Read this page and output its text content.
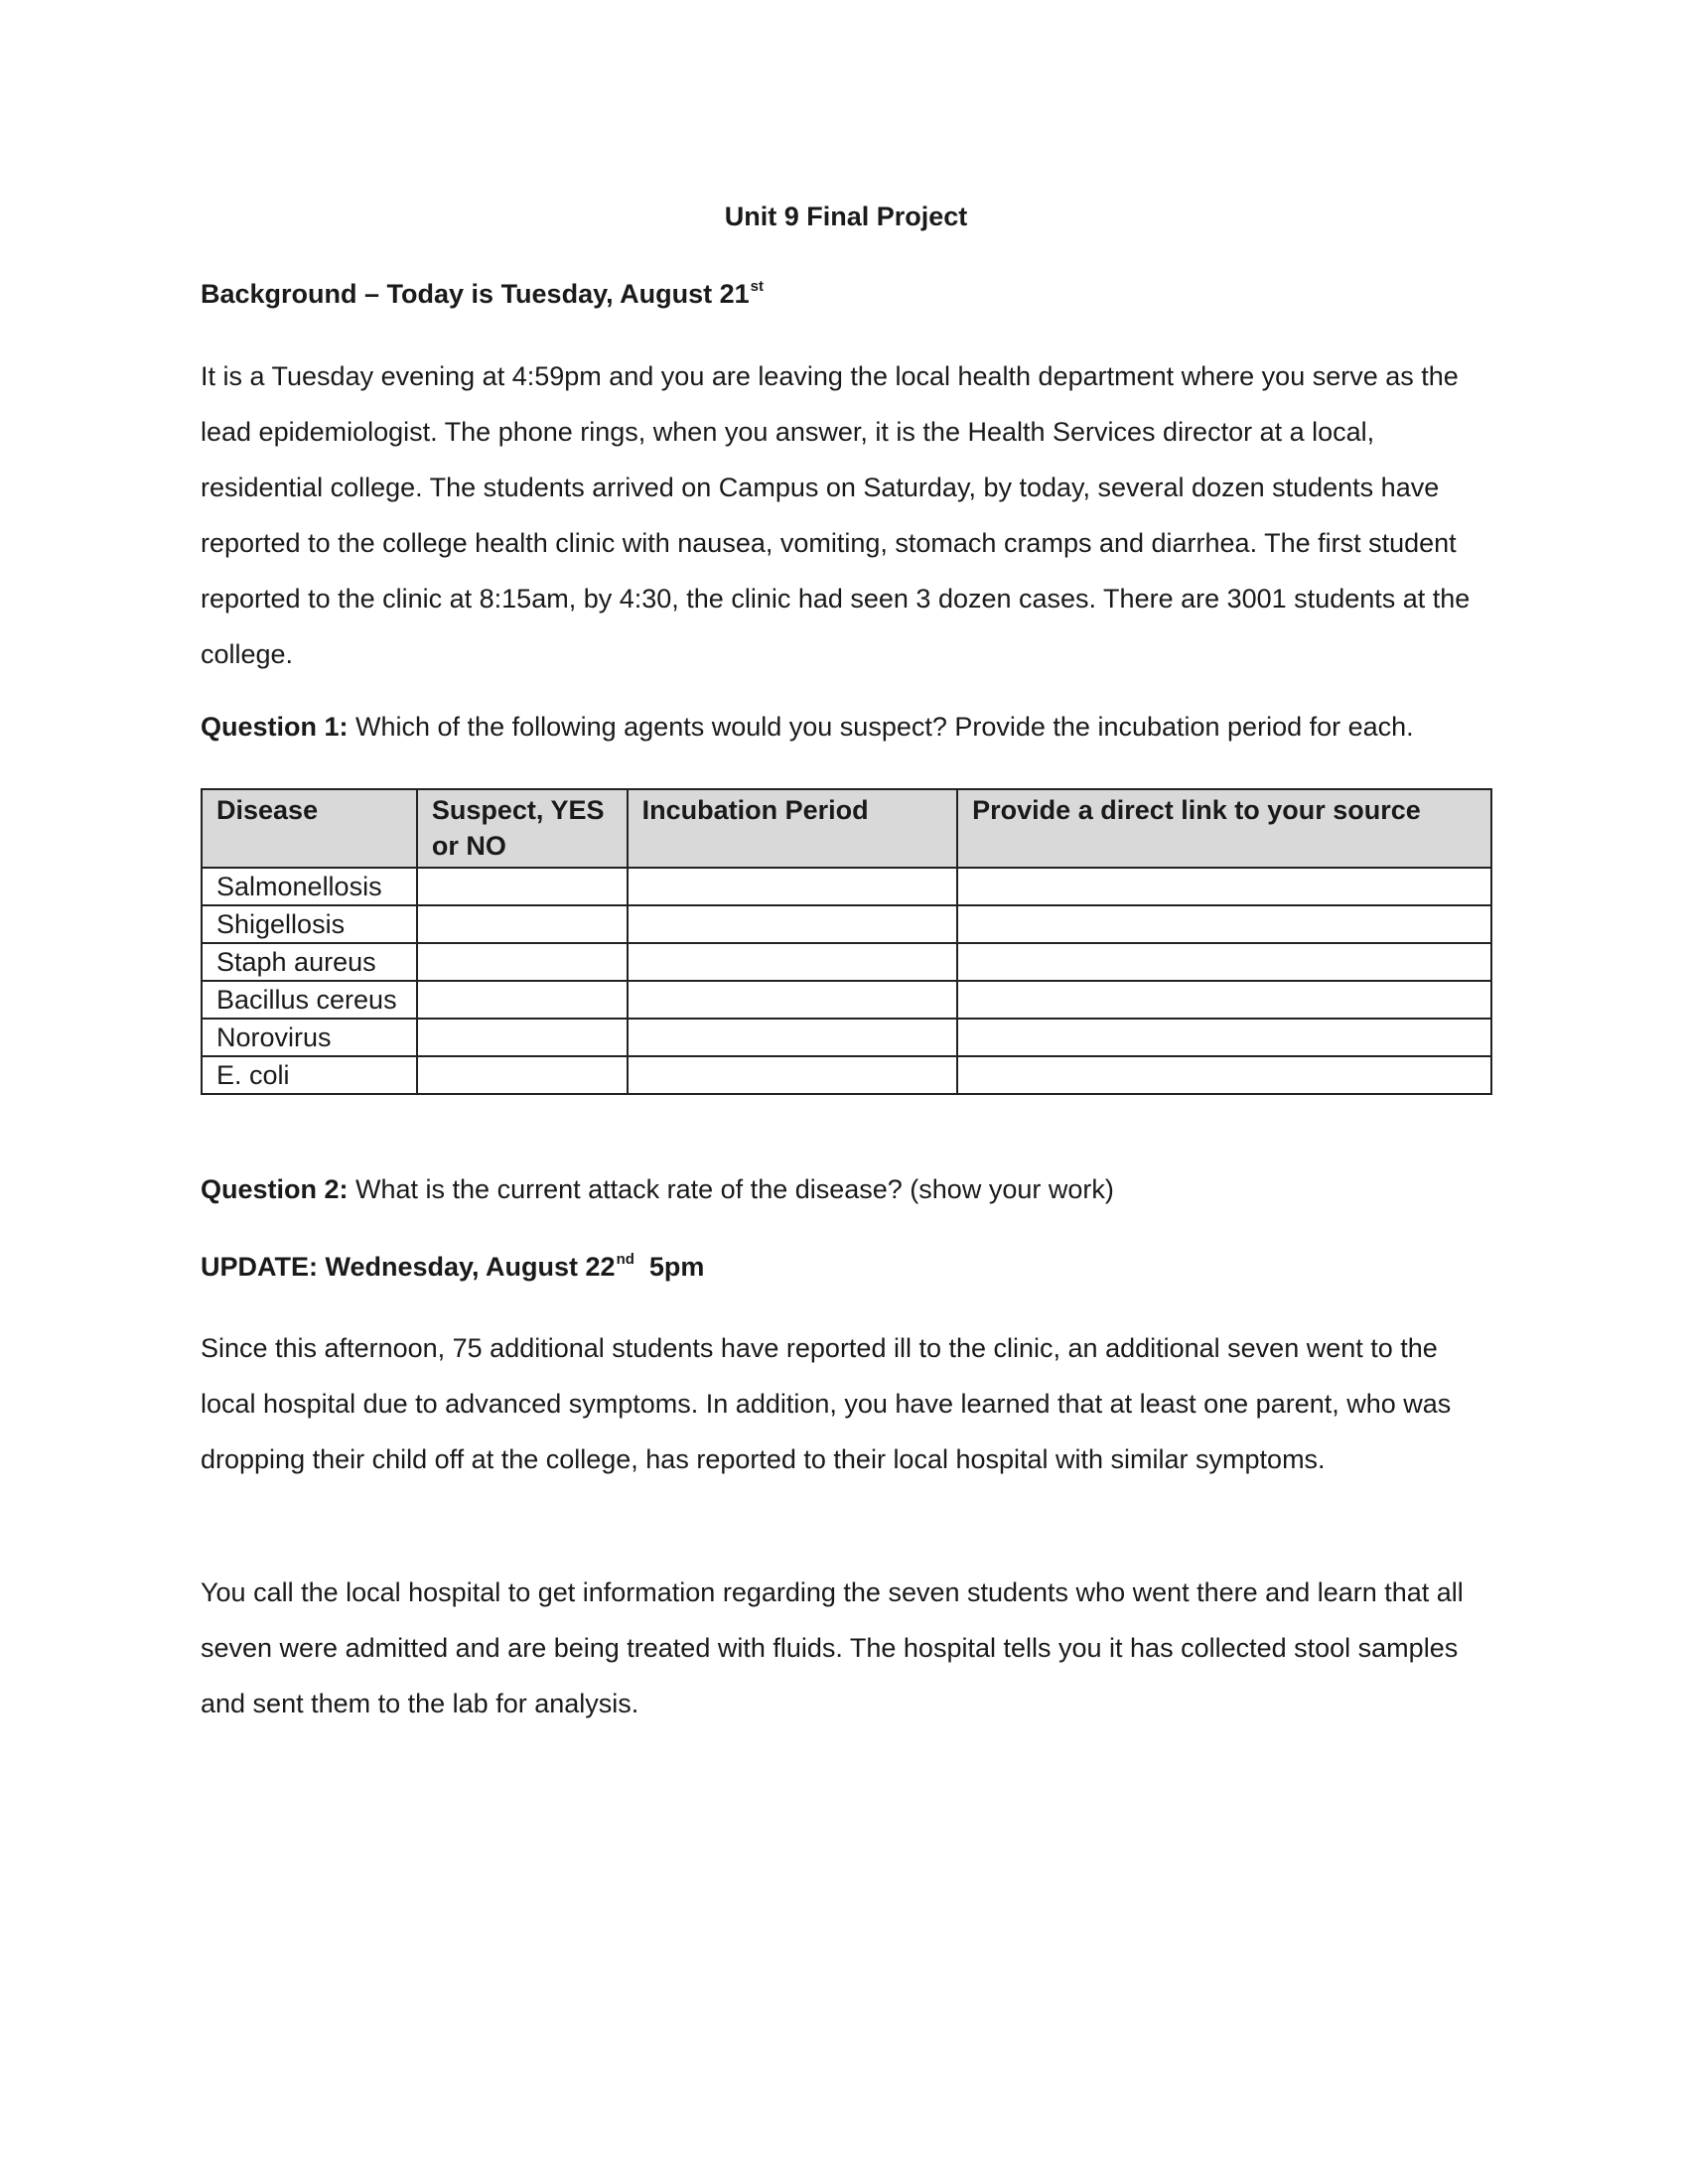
Unit 9 Final Project

Background – Today is Tuesday, August 21st

It is a Tuesday evening at 4:59pm and you are leaving the local health department where you serve as the lead epidemiologist. The phone rings, when you answer, it is the Health Services director at a local, residential college. The students arrived on Campus on Saturday, by today, several dozen students have reported to the college health clinic with nausea, vomiting, stomach cramps and diarrhea. The first student reported to the clinic at 8:15am, by 4:30, the clinic had seen 3 dozen cases. There are 3001 students at the college.

Question 1: Which of the following agents would you suspect? Provide the incubation period for each.

Disease	Suspect, YES or NO	Incubation Period	Provide a direct link to your source
Salmonellosis			
Shigellosis			
Staph aureus			
Bacillus cereus			
Norovirus			
E. coli			

Question 2: What is the current attack rate of the disease? (show your work)

UPDATE: Wednesday, August 22nd  5pm

Since this afternoon, 75 additional students have reported ill to the clinic, an additional seven went to the local hospital due to advanced symptoms. In addition, you have learned that at least one parent, who was dropping their child off at the college, has reported to their local hospital with similar symptoms.

You call the local hospital to get information regarding the seven students who went there and learn that all seven were admitted and are being treated with fluids. The hospital tells you it has collected stool samples and sent them to the lab for analysis.
